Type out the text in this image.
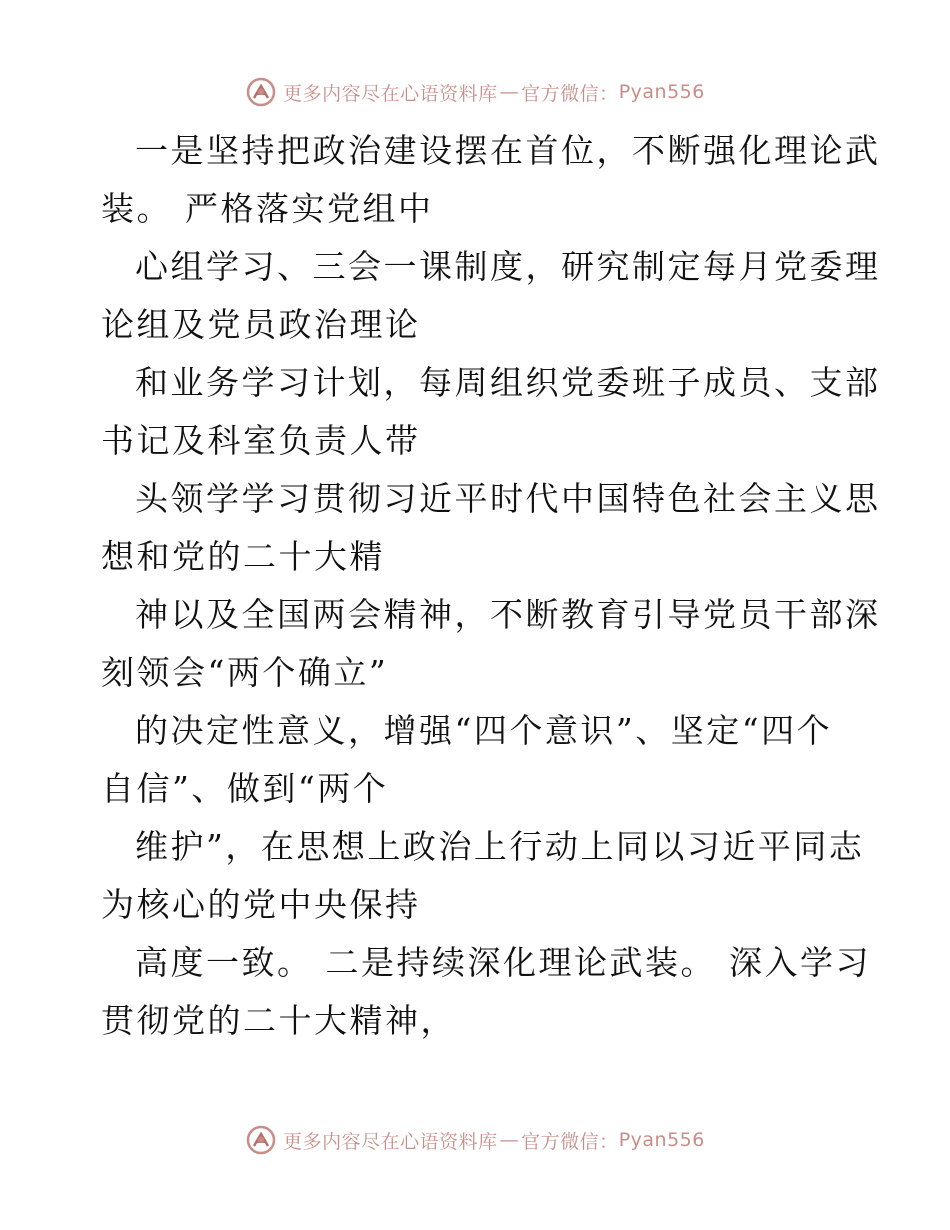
更多内容尽在心语资料库 — 官方微信： Pyan556
一是坚持把政治建设摆在首位，不断强化理论武
装。 严格落实党组中
心组学习、三会一课制度，研究制定每月党委理
论组及党员政治理论
和业务学习计划，每周组织党委班子成员、支部
书记及科室负责人带
头领学学习贯彻习近平时代中国特色社会主义思
想和党的二十大精
神以及全国两会精神，不断教育引导党员干部深
刻领会“两个确立”
的决定性意义，增强“四个意识”、坚定“四个
自信”、做到“两个
维护”，在思想上政治上行动上同以习近平同志
为核心的党中央保持
高度一致。 二是持续深化理论武装。 深入学习
贯彻党的二十大精神，
更多内容尽在心语资料库 — 官方微信： Pyan556
